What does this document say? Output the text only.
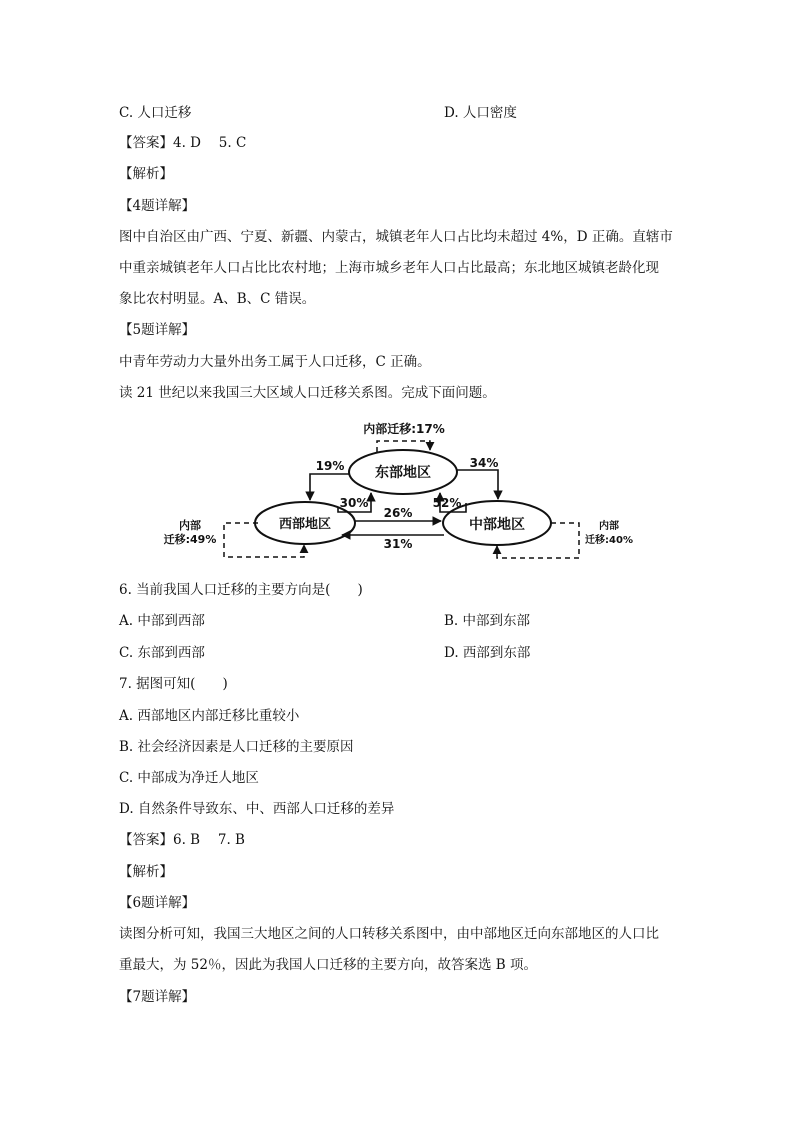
C. 人口迁移	D. 人口密度
【答案】4. D　 5. C
【解析】
【4题详解】
图中自治区由广西、宁夏、新疆、内蒙古，城镇老年人口占比均未超过 4%，D 正确。直辖市
中重亲城镇老年人口占比比农村地；上海市城乡老年人口占比最高；东北地区城镇老龄化现
象比农村明显。A、B、C 错误。
【5题详解】
中青年劳动力大量外出务工属于人口迁移，C 正确。
读 21 世纪以来我国三大区域人口迁移关系图。完成下面问题。
东部地区
西部地区	中部地区
内部迁移:17%
19%
30%
34%
52%
26%
31%
内部
迁移:49%
内部
迁移:40%
6. 当前我国人口迁移的主要方向是(　　)
A. 中部到西部	B. 中部到东部
C. 东部到西部	D. 西部到东部
7. 据图可知(　　)
A. 西部地区内部迁移比重较小
B. 社会经济因素是人口迁移的主要原因
C. 中部成为净迁人地区
D. 自然条件导致东、中、西部人口迁移的差异
【答案】6. B　 7. B
【解析】
【6题详解】
读图分析可知，我国三大地区之间的人口转移关系图中，由中部地区迁向东部地区的人口比
重最大，为 52％，因此为我国人口迁移的主要方向，故答案选 B 项。
【7题详解】
